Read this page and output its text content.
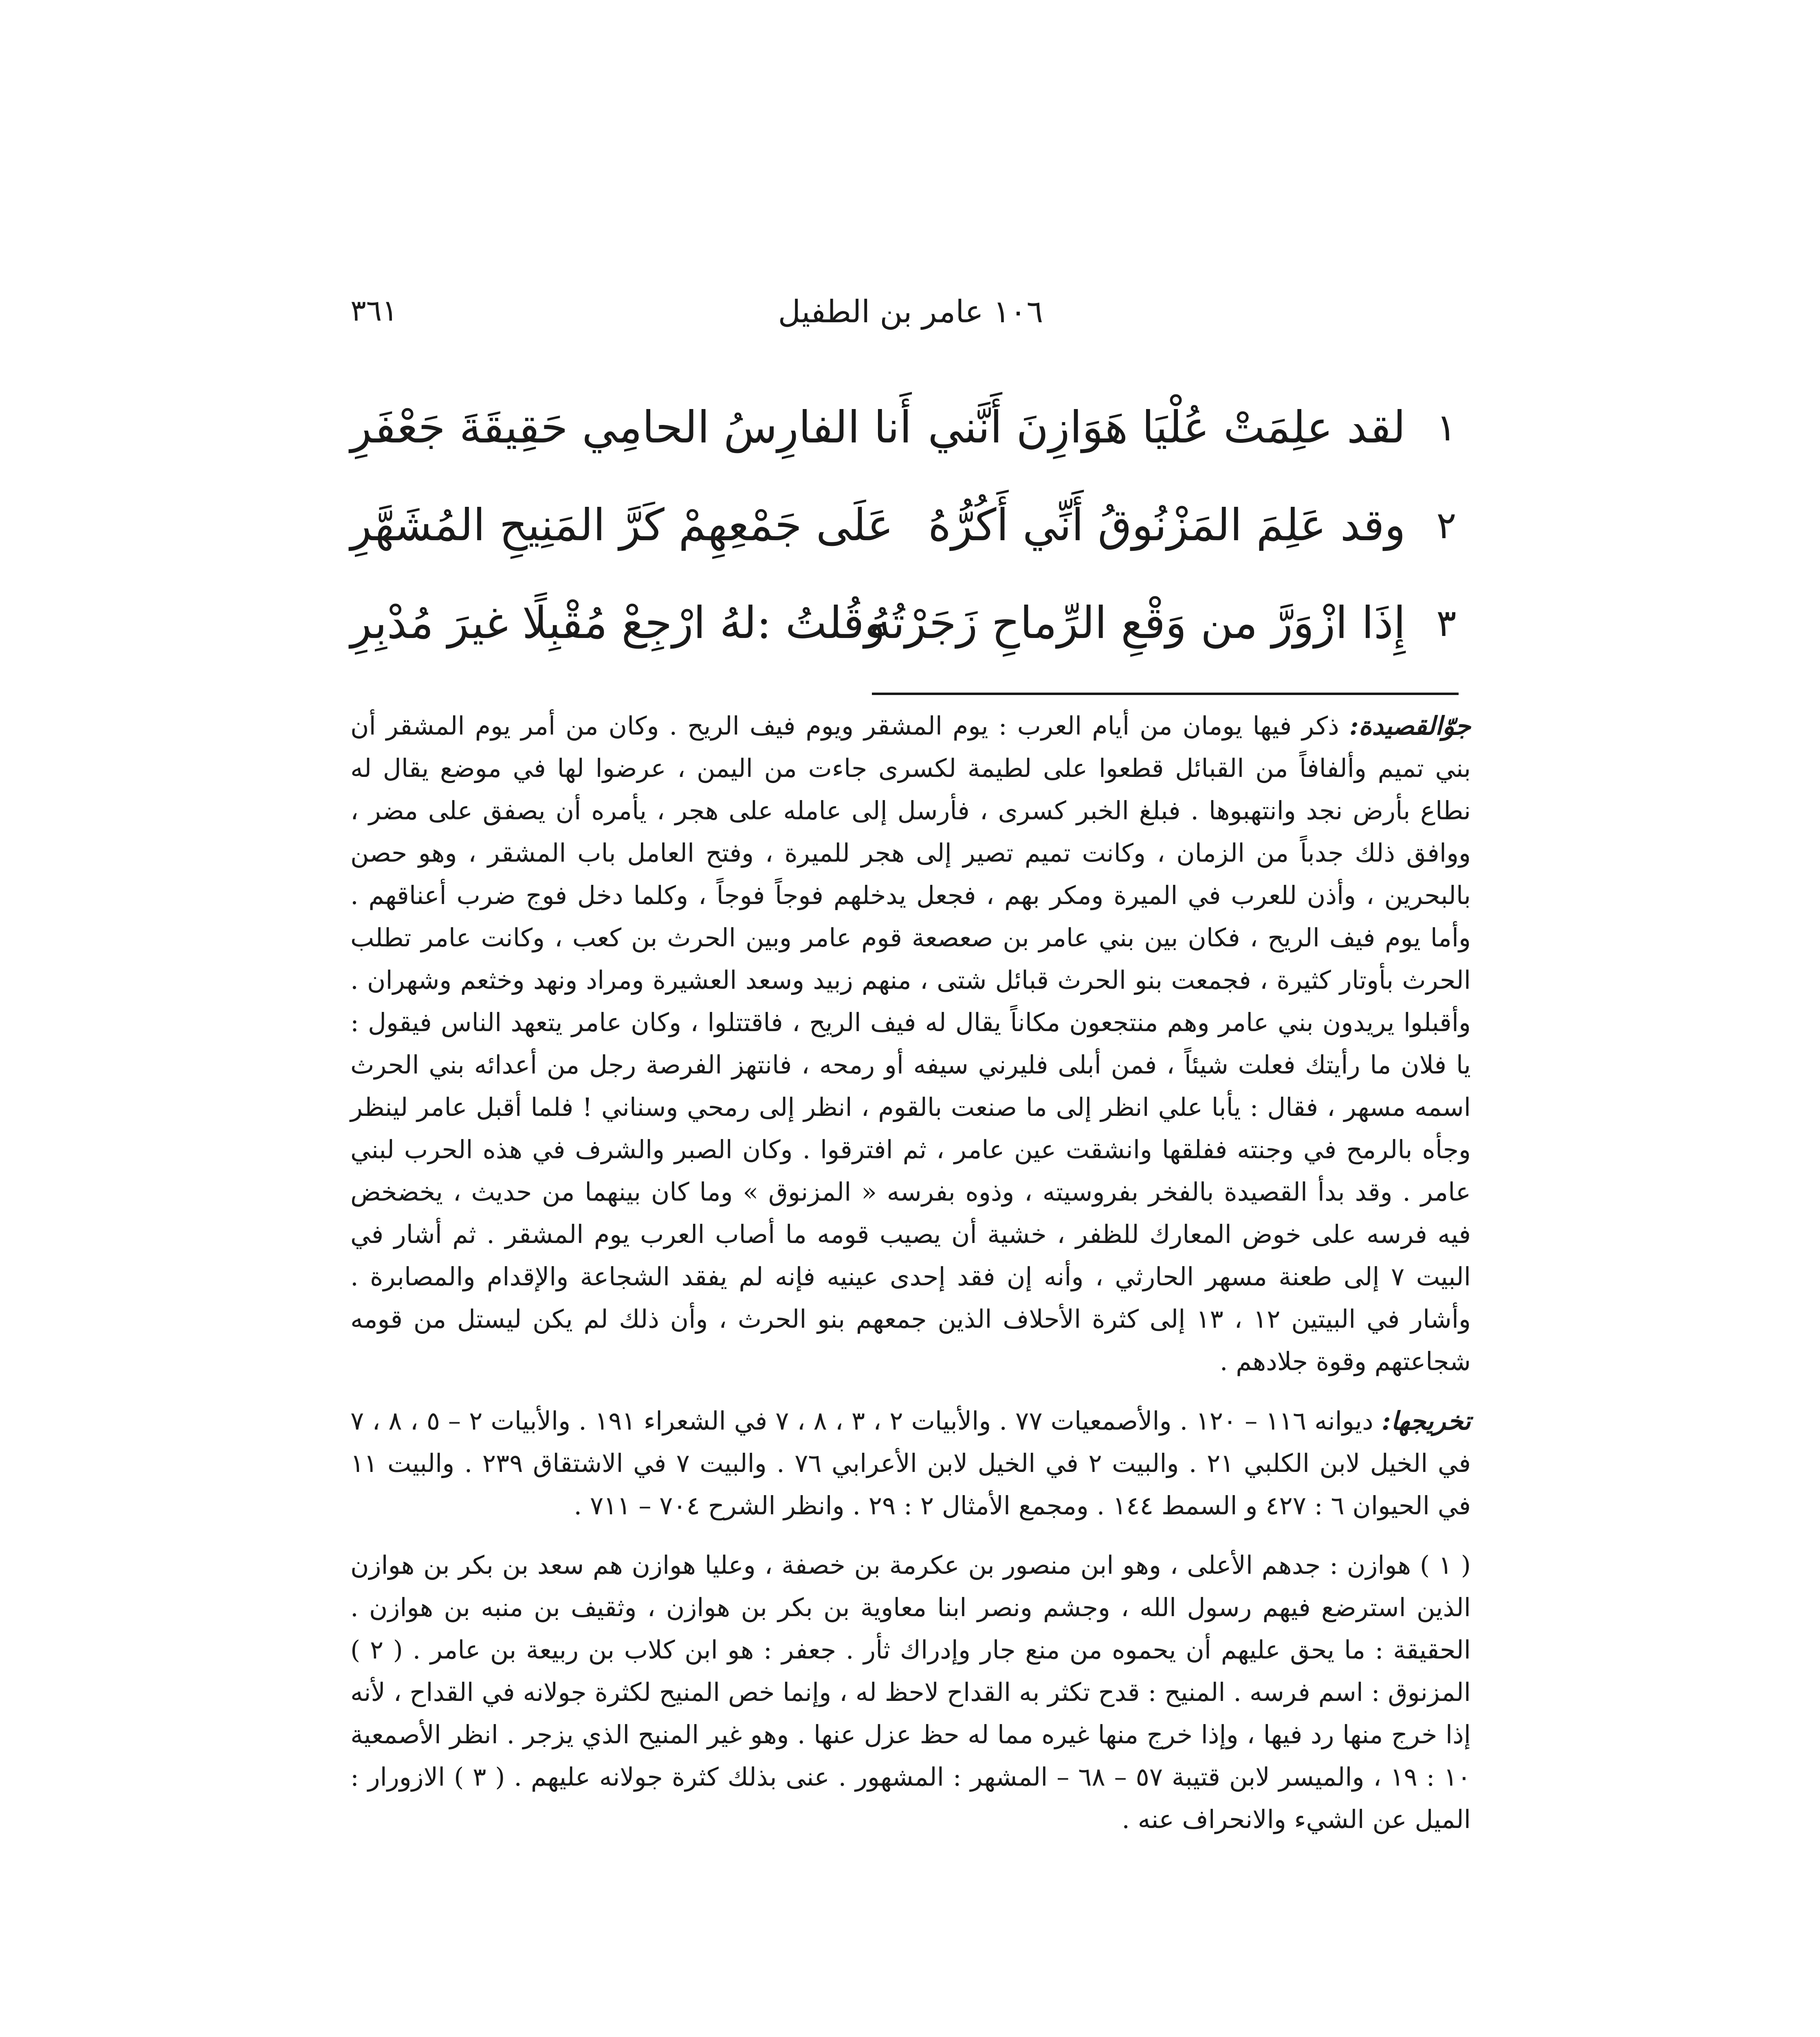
٣٦١	١٠٦ عامر بن الطفيل
١
لقد علِمَتْ عُلْيَا هَوَازِنَ أَنَّني
أَنا الفارِسُ الحامِي حَقِيقَةَ جَعْفَرِ
٢
وقد عَلِمَ المَزْنُوقُ أَنِّي أَكُرُّهُ
عَلَى جَمْعِهِمْ كَرَّ المَنِيحِ المُشَهَّرِ
٣
إِذَا ازْوَرَّ من وَقْعِ الرِّماحِ زَجَرْتُهُ
وقُلتُ :لهُ ارْجِعْ مُقْبِلًا غيرَ مُدْبِرِ

جوّالقصيدة: ذكر فيها يومان من أيام العرب : يوم المشقر ويوم فيف الريح . وكان من أمر يوم المشقر أن بني تميم وألفافاً من القبائل قطعوا على لطيمة لكسرى جاءت من اليمن ، عرضوا لها في موضع يقال له نطاع بأرض نجد وانتهبوها . فبلغ الخبر كسرى ، فأرسل إلى عامله على هجر ، يأمره أن يصفق على مضر ، ووافق ذلك جدباً من الزمان ، وكانت تميم تصير إلى هجر للميرة ، وفتح العامل باب المشقر ، وهو حصن بالبحرين ، وأذن للعرب في الميرة ومكر بهم ، فجعل يدخلهم فوجاً فوجاً ، وكلما دخل فوج ضرب أعناقهم . وأما يوم فيف الريح ، فكان بين بني عامر بن صعصعة قوم عامر وبين الحرث بن كعب ، وكانت عامر تطلب الحرث بأوتار كثيرة ، فجمعت بنو الحرث قبائل شتى ، منهم زبيد وسعد العشيرة ومراد ونهد وخثعم وشهران . وأقبلوا يريدون بني عامر وهم منتجعون مكاناً يقال له فيف الريح ، فاقتتلوا ، وكان عامر يتعهد الناس فيقول : يا فلان ما رأيتك فعلت شيئاً ، فمن أبلى فليرني سيفه أو رمحه ، فانتهز الفرصة رجل من أعدائه بني الحرث اسمه مسهر ، فقال : يأبا علي انظر إلى ما صنعت بالقوم ، انظر إلى رمحي وسناني ! فلما أقبل عامر لينظر وجأه بالرمح في وجنته ففلقها وانشقت عين عامر ، ثم افترقوا . وكان الصبر والشرف في هذه الحرب لبني عامر . وقد بدأ القصيدة بالفخر بفروسيته ، وذوه بفرسه « المزنوق » وما كان بينهما من حديث ، يخضخض فيه فرسه على خوض المعارك للظفر ، خشية أن يصيب قومه ما أصاب العرب يوم المشقر . ثم أشار في البيت ٧ إلى طعنة مسهر الحارثي ، وأنه إن فقد إحدى عينيه فإنه لم يفقد الشجاعة والإقدام والمصابرة . وأشار في البيتين ١٢ ، ١٣ إلى كثرة الأحلاف الذين جمعهم بنو الحرث ، وأن ذلك لم يكن ليستل من قومه شجاعتهم وقوة جلادهم .

تخريجها: ديوانه ١١٦ – ١٢٠ . والأصمعيات ٧٧ . والأبيات ٢ ، ٣ ، ٨ ، ٧ في الشعراء ١٩١ . والأبيات ٢ – ٥ ، ٨ ، ٧ في الخيل لابن الكلبي ٢١ . والبيت ٢ في الخيل لابن الأعرابي ٧٦ . والبيت ٧ في الاشتقاق ٢٣٩ . والبيت ١١ في الحيوان ٦ : ٤٢٧ و السمط ١٤٤ . ومجمع الأمثال ٢ : ٢٩ . وانظر الشرح ٧٠٤ – ٧١١ .

( ١ ) هوازن : جدهم الأعلى ، وهو ابن منصور بن عكرمة بن خصفة ، وعليا هوازن هم سعد بن بكر بن هوازن الذين استرضع فيهم رسول الله ، وجشم ونصر ابنا معاوية بن بكر بن هوازن ، وثقيف بن منبه بن هوازن . الحقيقة : ما يحق عليهم أن يحموه من منع جار وإدراك ثأر . جعفر : هو ابن كلاب بن ربيعة بن عامر . ( ٢ ) المزنوق : اسم فرسه . المنيح : قدح تكثر به القداح لاحظ له ، وإنما خص المنيح لكثرة جولانه في القداح ، لأنه إذا خرج منها رد فيها ، وإذا خرج منها غيره مما له حظ عزل عنها . وهو غير المنيح الذي يزجر . انظر الأصمعية ١٠ : ١٩ ، والميسر لابن قتيبة ٥٧ – ٦٨ – المشهر : المشهور . عنى بذلك كثرة جولانه عليهم . ( ٣ ) الازورار : الميل عن الشيء والانحراف عنه .
